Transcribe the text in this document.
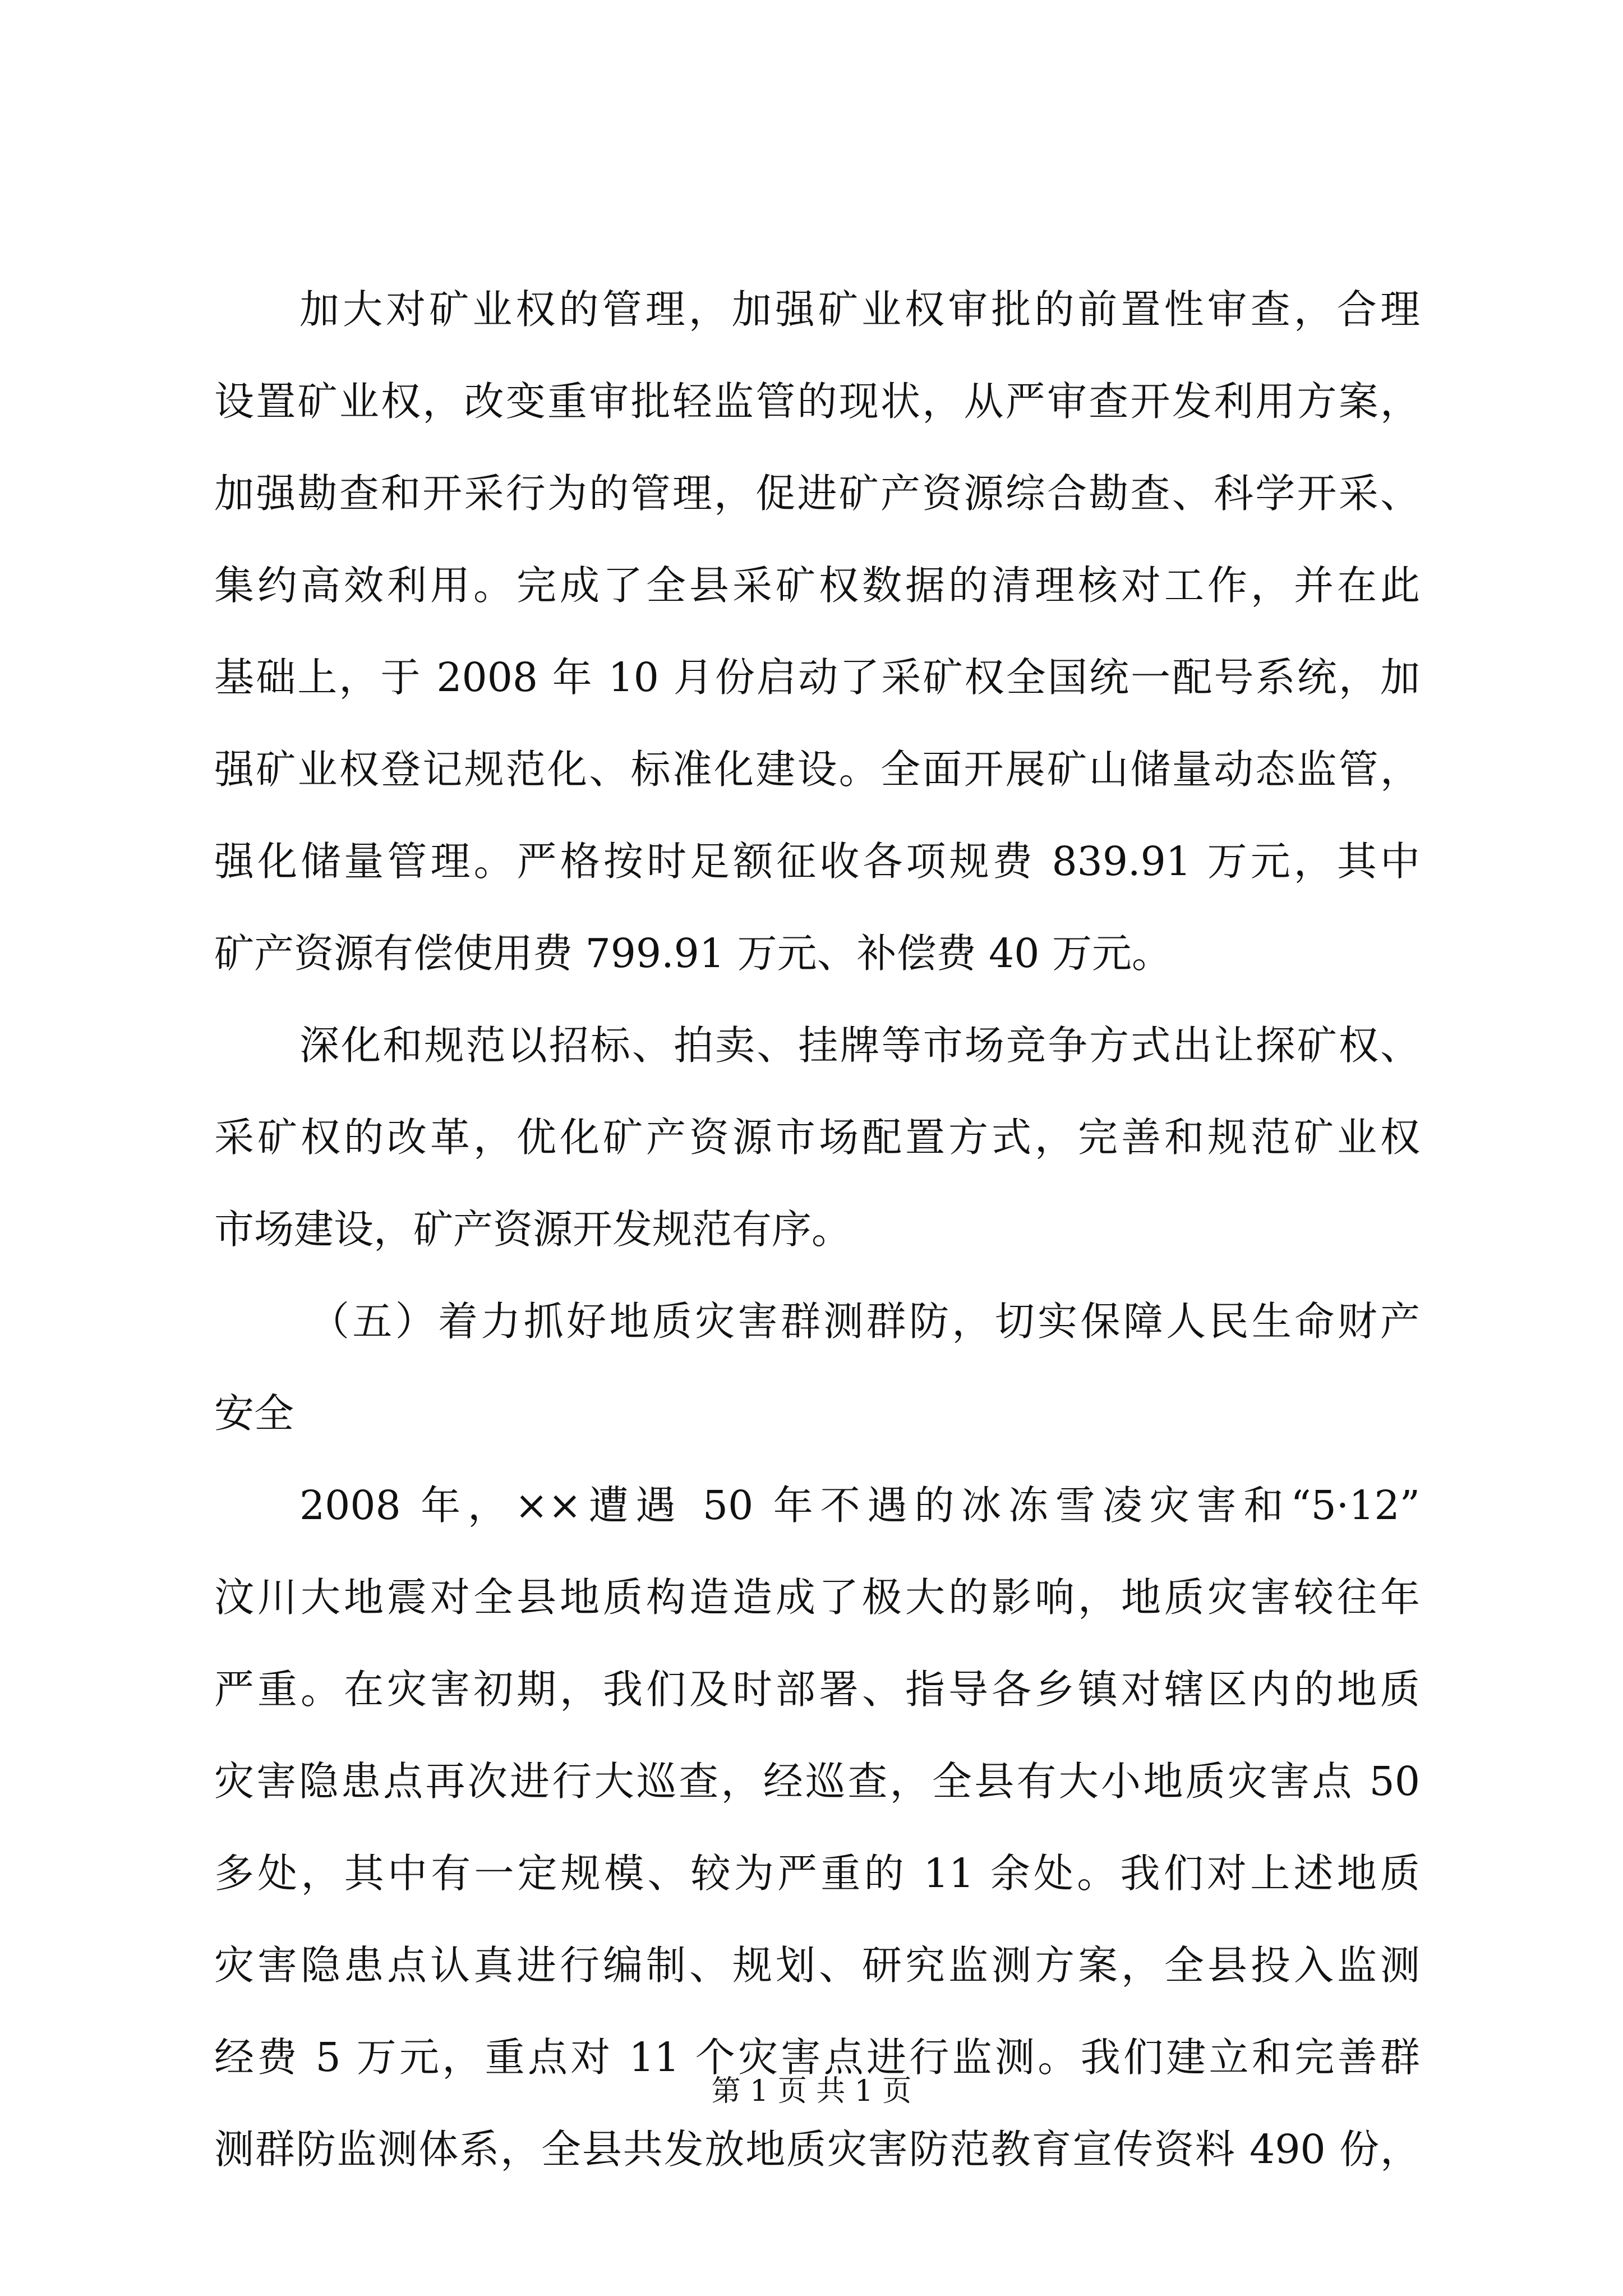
加大对矿业权的管理，加强矿业权审批的前置性审查，合理
设置矿业权，改变重审批轻监管的现状，从严审查开发利用方案，
加强勘查和开采行为的管理，促进矿产资源综合勘查、科学开采、
集约高效利用。完成了全县采矿权数据的清理核对工作，并在此
基础上，于 2008 年 10 月份启动了采矿权全国统一配号系统，加
强矿业权登记规范化、标准化建设。全面开展矿山储量动态监管，
强化储量管理。严格按时足额征收各项规费 839.91 万元，其中
矿产资源有偿使用费 799.91 万元、补偿费 40 万元。
深化和规范以招标、拍卖、挂牌等市场竞争方式出让探矿权、
采矿权的改革，优化矿产资源市场配置方式，完善和规范矿业权
市场建设，矿产资源开发规范有序。
（五）着力抓好地质灾害群测群防，切实保障人民生命财产
安全
2008 年，××遭遇 50 年不遇的冰冻雪凌灾害和“5·12”
汶川大地震对全县地质构造造成了极大的影响，地质灾害较往年
严重。在灾害初期，我们及时部署、指导各乡镇对辖区内的地质
灾害隐患点再次进行大巡查，经巡查，全县有大小地质灾害点 50
多处，其中有一定规模、较为严重的 11 余处。我们对上述地质
灾害隐患点认真进行编制、规划、研究监测方案，全县投入监测
经费 5 万元，重点对 11 个灾害点进行监测。我们建立和完善群
测群防监测体系，全县共发放地质灾害防范教育宣传资料 490 份，
第 1 页 共 1 页
